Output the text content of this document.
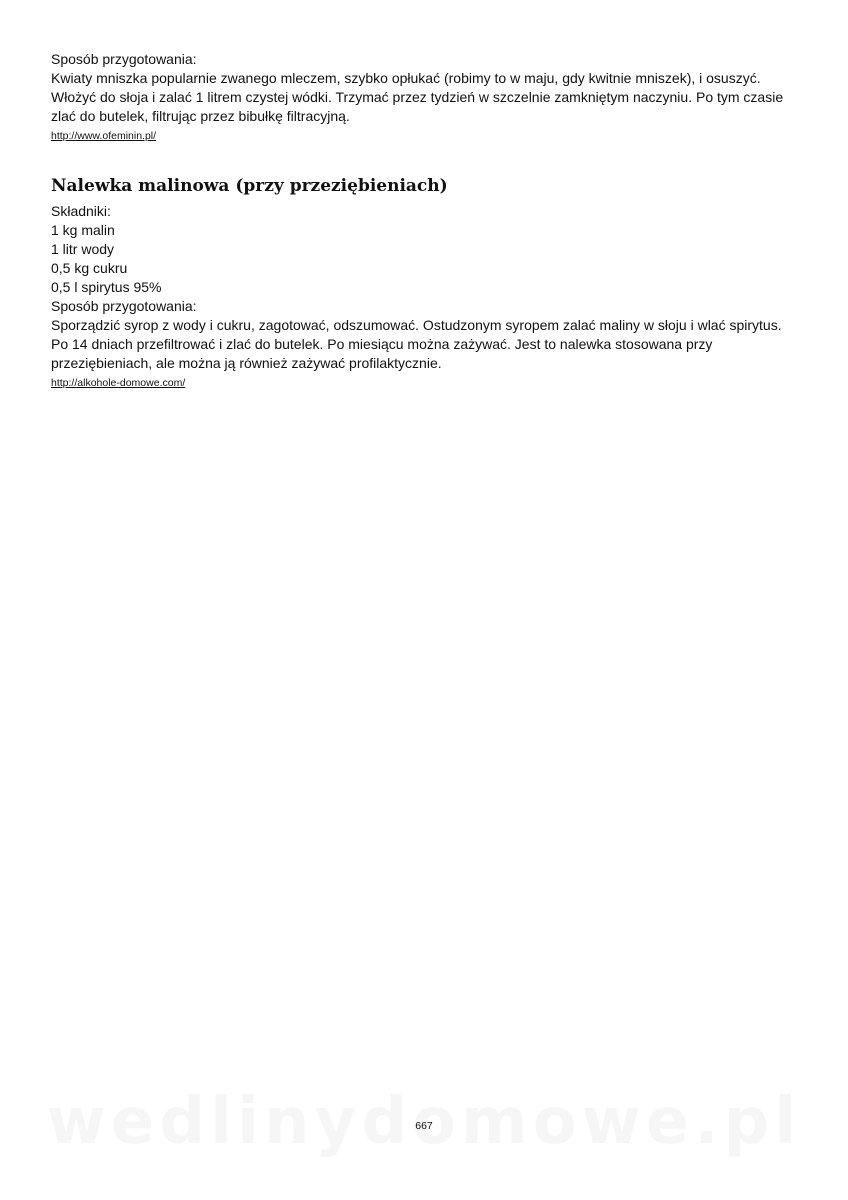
Sposób przygotowania:

Kwiaty mniszka popularnie zwanego mleczem, szybko opłukać (robimy to w maju, gdy kwitnie mniszek), i osuszyć.

Włożyć do słoja i zalać 1 litrem czystej wódki. Trzymać przez tydzień w szczelnie zamkniętym naczyniu. Po tym czasie

zlać do butelek, filtrując przez bibułkę filtracyjną.

http://www.ofeminin.pl/
Nalewka malinowa (przy przeziębieniach)

Składniki:

1 kg malin

1 litr wody

0,5 kg cukru

0,5 l spirytus 95%

Sposób przygotowania:

Sporządzić syrop z wody i cukru, zagotować, odszumować. Ostudzonym syropem zalać maliny w słoju i wlać spirytus.

Po 14 dniach przefiltrować i zlać do butelek. Po miesiącu można zażywać. Jest to nalewka stosowana przy

przeziębieniach, ale można ją również zażywać profilaktycznie.

http://alkohole-domowe.com/
667
